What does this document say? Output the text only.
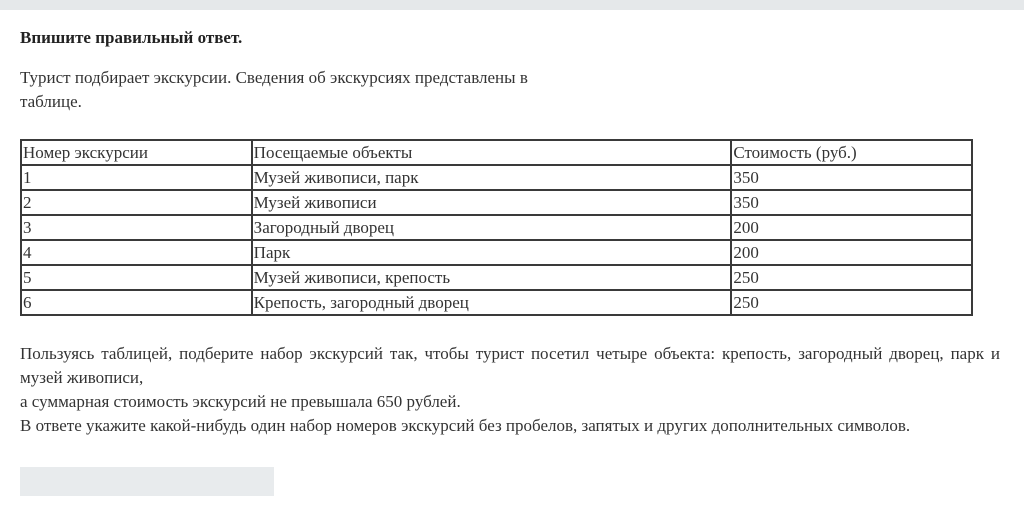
Впишите правильный ответ.

Турист подбирает экскурсии. Сведения об экскурсиях представлены в таблице.
Номер экскурсии	Посещаемые объекты	Стоимость (руб.)
1	Музей живописи, парк	350
2	Музей живописи	350
3	Загородный дворец	200
4	Парк	200
5	Музей живописи, крепость	250
6	Крепость, загородный дворец	250

Пользуясь таблицей, подберите набор экскурсий так, чтобы турист посетил четыре объекта: крепость, загородный дворец, парк и музей живописи,

а суммарная стоимость экскурсий не превышала 650 рублей.

В ответе укажите какой-нибудь один набор номеров экскурсий без пробелов, запятых и других дополнительных символов.
